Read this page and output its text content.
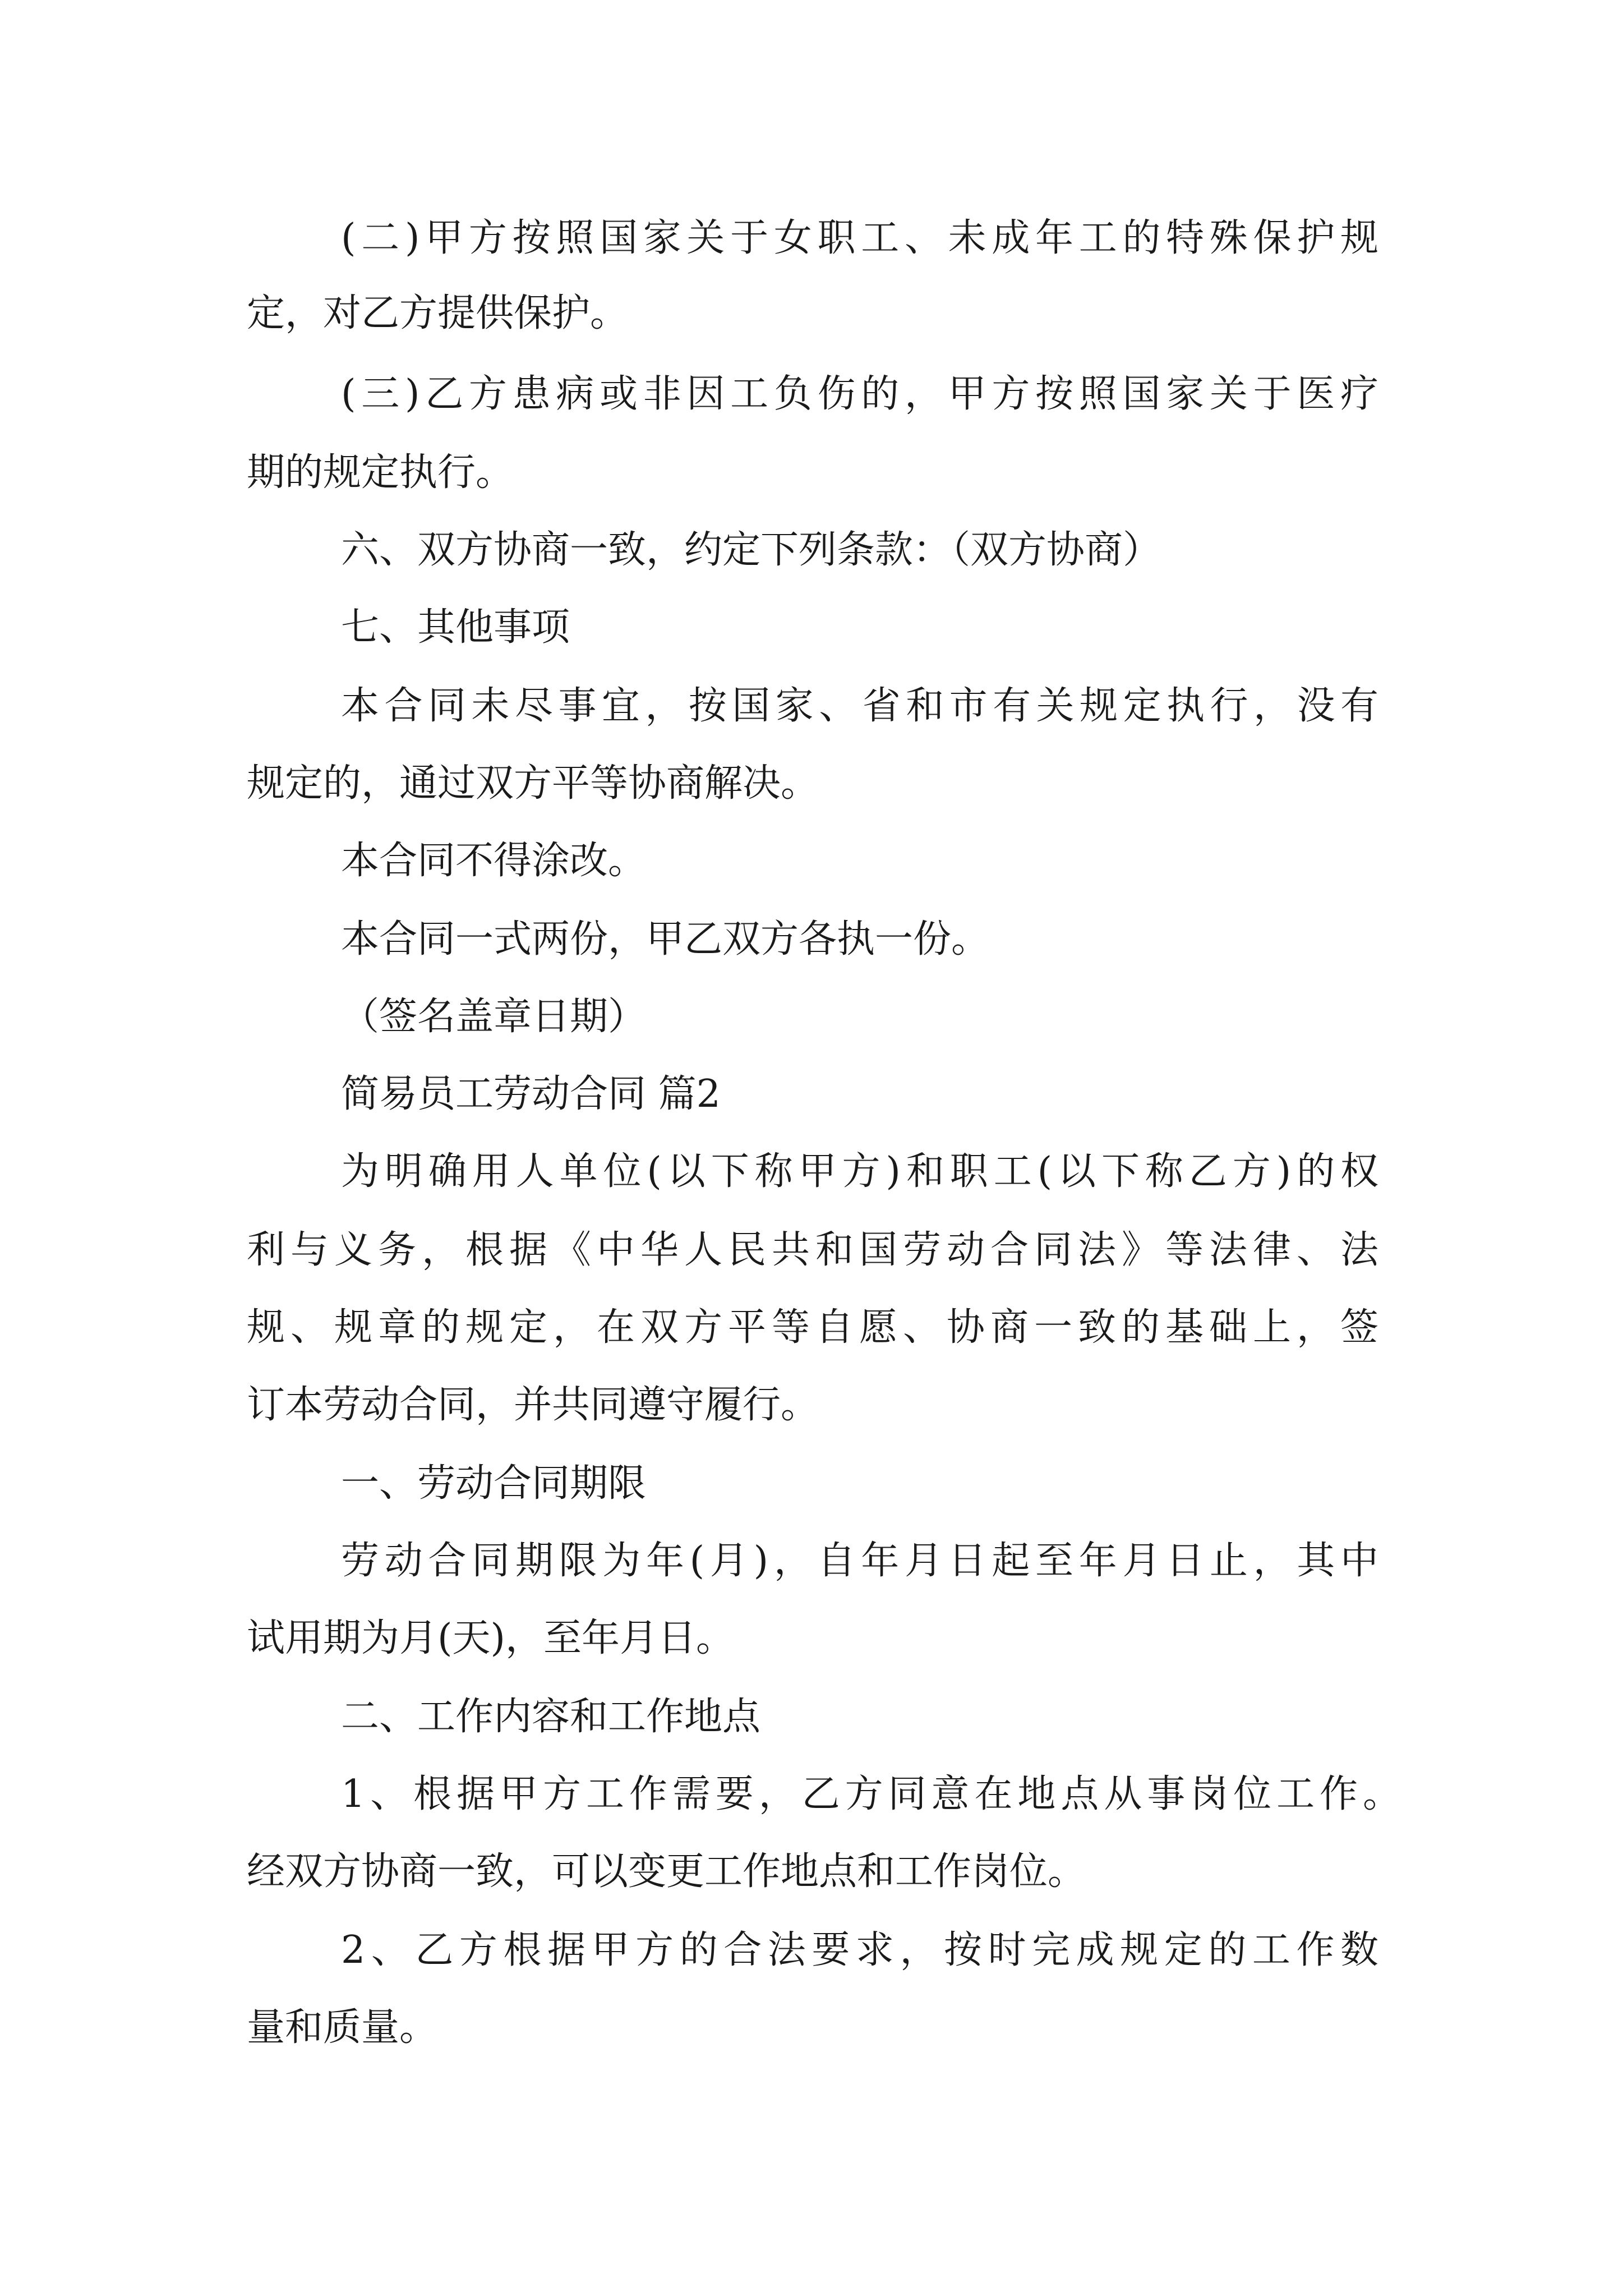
(二)甲方按照国家关于女职工、未成年工的特殊保护规

定，对乙方提供保护。

(三)乙方患病或非因工负伤的，甲方按照国家关于医疗

期的规定执行。

六、双方协商一致，约定下列条款：（双方协商）

七、其他事项

本合同未尽事宜，按国家、省和市有关规定执行，没有

规定的，通过双方平等协商解决。

本合同不得涂改。

本合同一式两份，甲乙双方各执一份。

（签名盖章日期）

简易员工劳动合同 篇2

为明确用人单位(以下称甲方)和职工(以下称乙方)的权

利与义务，根据《中华人民共和国劳动合同法》等法律、法

规、规章的规定，在双方平等自愿、协商一致的基础上，签

订本劳动合同，并共同遵守履行。

一、劳动合同期限

劳动合同期限为年(月)，自年月日起至年月日止，其中

试用期为月(天)，至年月日。

二、工作内容和工作地点

1、根据甲方工作需要，乙方同意在地点从事岗位工作。

经双方协商一致，可以变更工作地点和工作岗位。

2、乙方根据甲方的合法要求，按时完成规定的工作数

量和质量。
